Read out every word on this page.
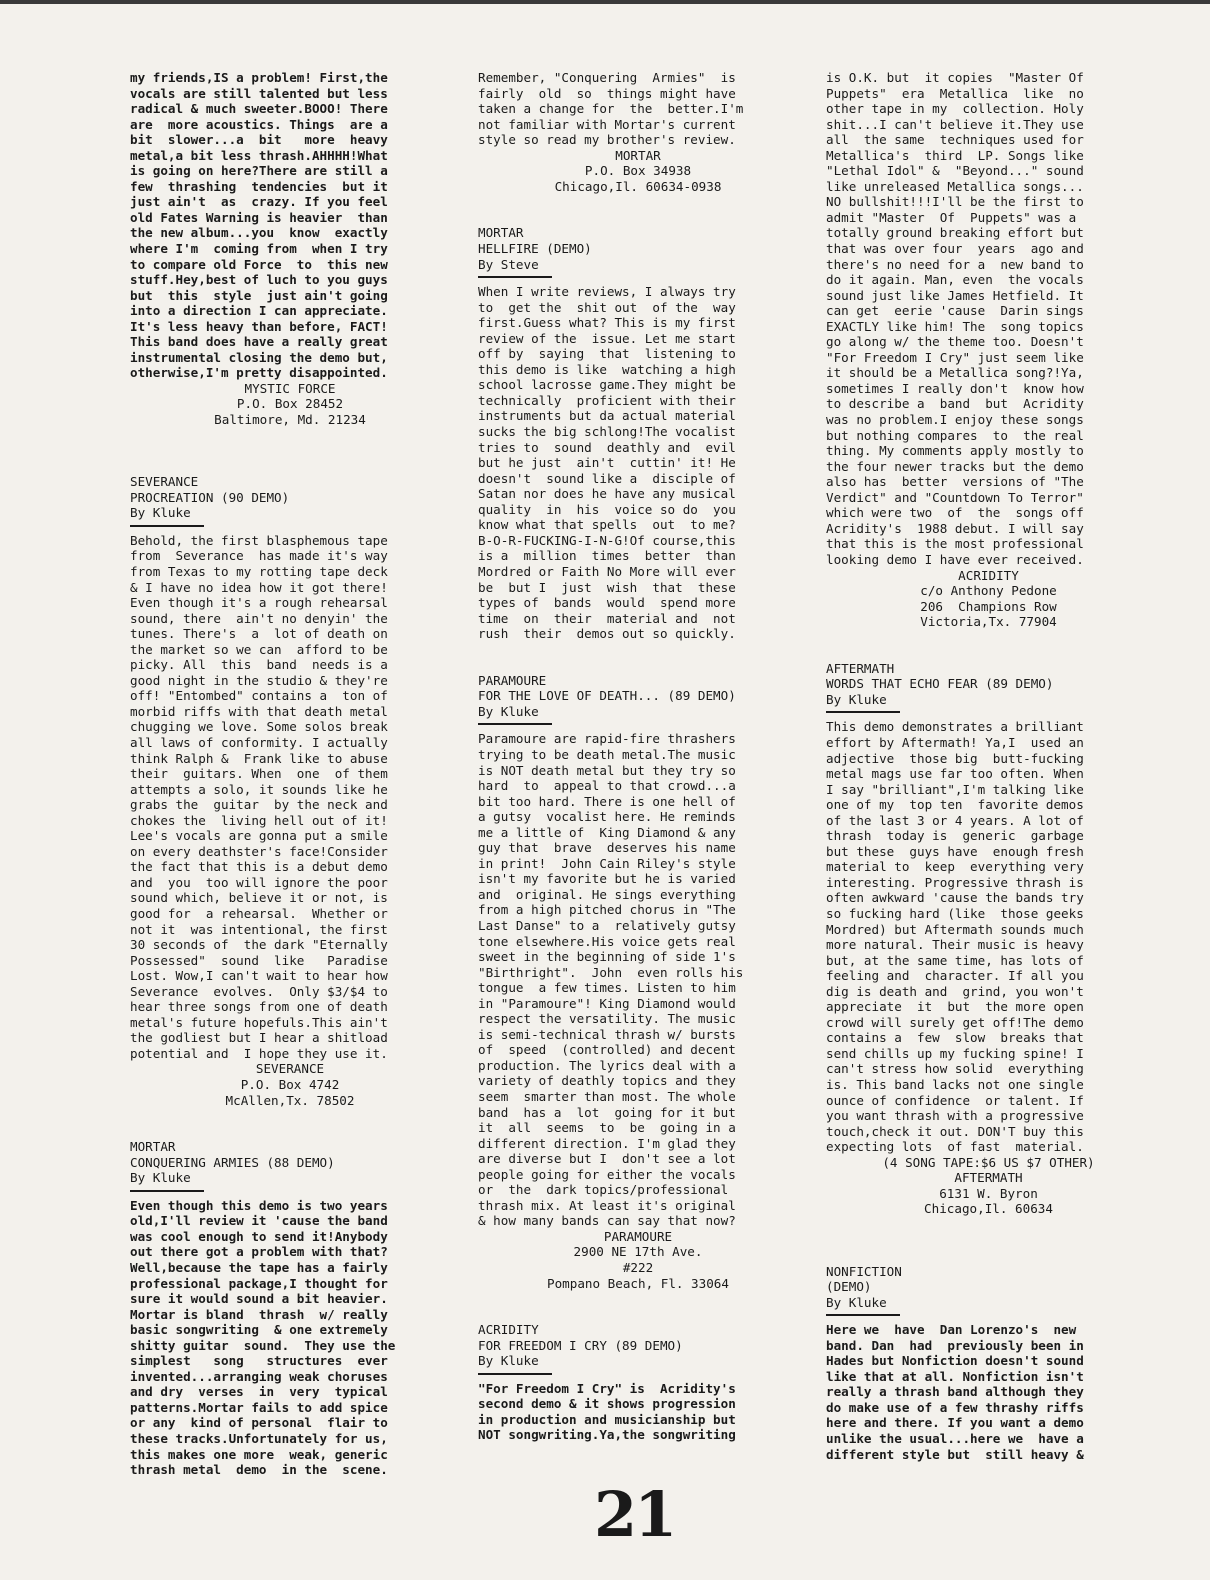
my friends,IS a problem! First,the

vocals are still talented but less

radical & much sweeter.BOOO! There

are  more acoustics. Things  are a

bit  slower...a  bit   more  heavy

metal,a bit less thrash.AHHHH!What

is going on here?There are still a

few  thrashing  tendencies  but it

just ain't  as  crazy. If you feel

old Fates Warning is heavier  than

the new album...you  know  exactly

where I'm  coming from  when I try

to compare old Force  to  this new

stuff.Hey,best of luch to you guys

but  this  style  just ain't going

into a direction I can appreciate.

It's less heavy than before, FACT!

This band does have a really great

instrumental closing the demo but,

otherwise,I'm pretty disappointed.

MYSTIC FORCE

P.O. Box 28452

Baltimore, Md. 21234

SEVERANCE

PROCREATION (90 DEMO)

By Kluke

Behold, the first blasphemous tape

from  Severance  has made it's way

from Texas to my rotting tape deck

& I have no idea how it got there!

Even though it's a rough rehearsal

sound, there  ain't no denyin' the

tunes. There's  a  lot of death on

the market so we can  afford to be

picky. All  this  band  needs is a

good night in the studio & they're

off! "Entombed" contains a  ton of

morbid riffs with that death metal

chugging we love. Some solos break

all laws of conformity. I actually

think Ralph &  Frank like to abuse

their  guitars. When  one  of them

attempts a solo, it sounds like he

grabs the  guitar  by the neck and

chokes the  living hell out of it!

Lee's vocals are gonna put a smile

on every deathster's face!Consider

the fact that this is a debut demo

and  you  too will ignore the poor

sound which, believe it or not, is

good for  a rehearsal.  Whether or

not it  was intentional, the first

30 seconds of  the dark "Eternally

Possessed"  sound  like   Paradise

Lost. Wow,I can't wait to hear how

Severance  evolves.  Only $3/$4 to

hear three songs from one of death

metal's future hopefuls.This ain't

the godliest but I hear a shitload

potential and  I hope they use it.

SEVERANCE

P.O. Box 4742

McAllen,Tx. 78502

MORTAR

CONQUERING ARMIES (88 DEMO)

By Kluke

Even though this demo is two years

old,I'll review it 'cause the band

was cool enough to send it!Anybody

out there got a problem with that?

Well,because the tape has a fairly

professional package,I thought for

sure it would sound a bit heavier.

Mortar is bland  thrash  w/ really

basic songwriting  & one extremely

shitty guitar  sound.  They use the

simplest   song   structures  ever

invented...arranging weak choruses

and dry  verses  in  very  typical

patterns.Mortar fails to add spice

or any  kind of personal  flair to

these tracks.Unfortunately for us,

this makes one more  weak, generic

thrash metal  demo  in the  scene.

Remember, "Conquering  Armies"  is

fairly  old  so  things might have

taken a change for  the  better.I'm

not familiar with Mortar's current

style so read my brother's review.

MORTAR

P.O. Box 34938

Chicago,Il. 60634-0938

MORTAR

HELLFIRE (DEMO)

By Steve

When I write reviews, I always try

to  get the  shit out  of the  way

first.Guess what? This is my first

review of the  issue. Let me start

off by  saying  that  listening to

this demo is like  watching a high

school lacrosse game.They might be

technically  proficient with their

instruments but da actual material

sucks the big schlong!The vocalist

tries to  sound  deathly and  evil

but he just  ain't  cuttin' it! He

doesn't  sound like a  disciple of

Satan nor does he have any musical

quality  in  his  voice so do  you

know what that spells  out  to me?

B-O-R-FUCKING-I-N-G!Of course,this

is a  million  times  better  than

Mordred or Faith No More will ever

be  but I  just  wish  that  these

types of  bands  would  spend more

time  on  their  material and  not

rush  their  demos out so quickly.

PARAMOURE

FOR THE LOVE OF DEATH... (89 DEMO)

By Kluke

Paramoure are rapid-fire thrashers

trying to be death metal.The music

is NOT death metal but they try so

hard  to  appeal to that crowd...a

bit too hard. There is one hell of

a gutsy  vocalist here. He reminds

me a little of  King Diamond & any

guy that  brave  deserves his name

in print!  John Cain Riley's style

isn't my favorite but he is varied

and  original. He sings everything

from a high pitched chorus in "The

Last Danse" to a  relatively gutsy

tone elsewhere.His voice gets real

sweet in the beginning of side 1's

"Birthright".  John  even rolls his

tongue  a few times. Listen to him

in "Paramoure"! King Diamond would

respect the versatility. The music

is semi-technical thrash w/ bursts

of  speed  (controlled) and decent

production. The lyrics deal with a

variety of deathly topics and they

seem  smarter than most. The whole

band  has a  lot  going for it but

it  all  seems  to  be  going in a

different direction. I'm glad they

are diverse but I  don't see a lot

people going for either the vocals

or  the  dark topics/professional

thrash mix. At least it's original

& how many bands can say that now?

PARAMOURE

2900 NE 17th Ave.

#222

Pompano Beach, Fl. 33064

ACRIDITY

FOR FREEDOM I CRY (89 DEMO)

By Kluke

"For Freedom I Cry" is  Acridity's

second demo & it shows progression

in production and musicianship but

NOT songwriting.Ya,the songwriting

is O.K. but  it copies  "Master Of

Puppets"  era  Metallica  like  no

other tape in my  collection. Holy

shit...I can't believe it.They use

all  the same  techniques used for

Metallica's  third  LP. Songs like

"Lethal Idol" &  "Beyond..." sound

like unreleased Metallica songs...

NO bullshit!!!I'll be the first to

admit "Master  Of  Puppets" was a

totally ground breaking effort but

that was over four  years  ago and

there's no need for a  new band to

do it again. Man, even  the vocals

sound just like James Hetfield. It

can get  eerie 'cause  Darin sings

EXACTLY like him! The  song topics

go along w/ the theme too. Doesn't

"For Freedom I Cry" just seem like

it should be a Metallica song?!Ya,

sometimes I really don't  know how

to describe a  band  but  Acridity

was no problem.I enjoy these songs

but nothing compares  to  the real

thing. My comments apply mostly to

the four newer tracks but the demo

also has  better  versions of "The

Verdict" and "Countdown To Terror"

which were two  of  the  songs off

Acridity's  1988 debut. I will say

that this is the most professional

looking demo I have ever received.

ACRIDITY

c/o Anthony Pedone

206  Champions Row

Victoria,Tx. 77904

AFTERMATH

WORDS THAT ECHO FEAR (89 DEMO)

By Kluke

This demo demonstrates a brilliant

effort by Aftermath! Ya,I  used an

adjective  those big  butt-fucking

metal mags use far too often. When

I say "brilliant",I'm talking like

one of my  top ten  favorite demos

of the last 3 or 4 years. A lot of

thrash  today is  generic  garbage

but these  guys have  enough fresh

material to  keep  everything very

interesting. Progressive thrash is

often awkward 'cause the bands try

so fucking hard (like  those geeks

Mordred) but Aftermath sounds much

more natural. Their music is heavy

but, at the same time, has lots of

feeling and  character. If all you

dig is death and  grind, you won't

appreciate  it  but  the more open

crowd will surely get off!The demo

contains a  few  slow  breaks that

send chills up my fucking spine! I

can't stress how solid  everything

is. This band lacks not one single

ounce of confidence  or talent. If

you want thrash with a progressive

touch,check it out. DON'T buy this

expecting lots  of fast  material.

(4 SONG TAPE:$6 US $7 OTHER)

AFTERMATH

6131 W. Byron

Chicago,Il. 60634

NONFICTION

(DEMO)

By Kluke

Here we  have  Dan Lorenzo's  new

band. Dan  had  previously been in

Hades but Nonfiction doesn't sound

like that at all. Nonfiction isn't

really a thrash band although they

do make use of a few thrashy riffs

here and there. If you want a demo

unlike the usual...here we  have a

different style but  still heavy &

21
